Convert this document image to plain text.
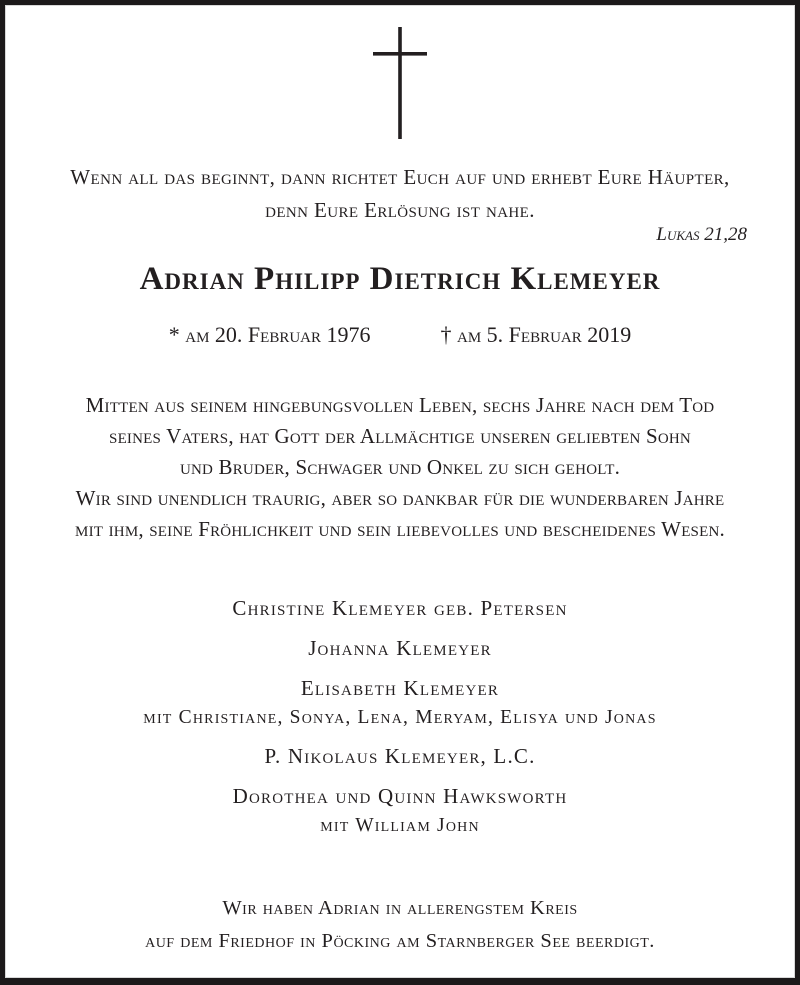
Wenn all das beginnt, dann richtet Euch auf und erhebt Eure Häupter,
denn Eure Erlösung ist nahe.
Lukas 21,28
Adrian Philipp Dietrich Klemeyer
* am 20. Februar 1976	† am 5. Februar 2019
Mitten aus seinem hingebungsvollen Leben, sechs Jahre nach dem Tod
seines Vaters, hat Gott der Allmächtige unseren geliebten Sohn
und Bruder, Schwager und Onkel zu sich geholt.
Wir sind unendlich traurig, aber so dankbar für die wunderbaren Jahre
mit ihm, seine Fröhlichkeit und sein liebevolles und bescheidenes Wesen.
Christine Klemeyer geb. Petersen
Johanna Klemeyer
Elisabeth Klemeyer
mit Christiane, Sonya, Lena, Meryam, Elisya und Jonas
P. Nikolaus Klemeyer, L.C.
Dorothea und Quinn Hawksworth
mit William John
Wir haben Adrian in allerengstem Kreis
auf dem Friedhof in Pöcking am Starnberger See beerdigt.
